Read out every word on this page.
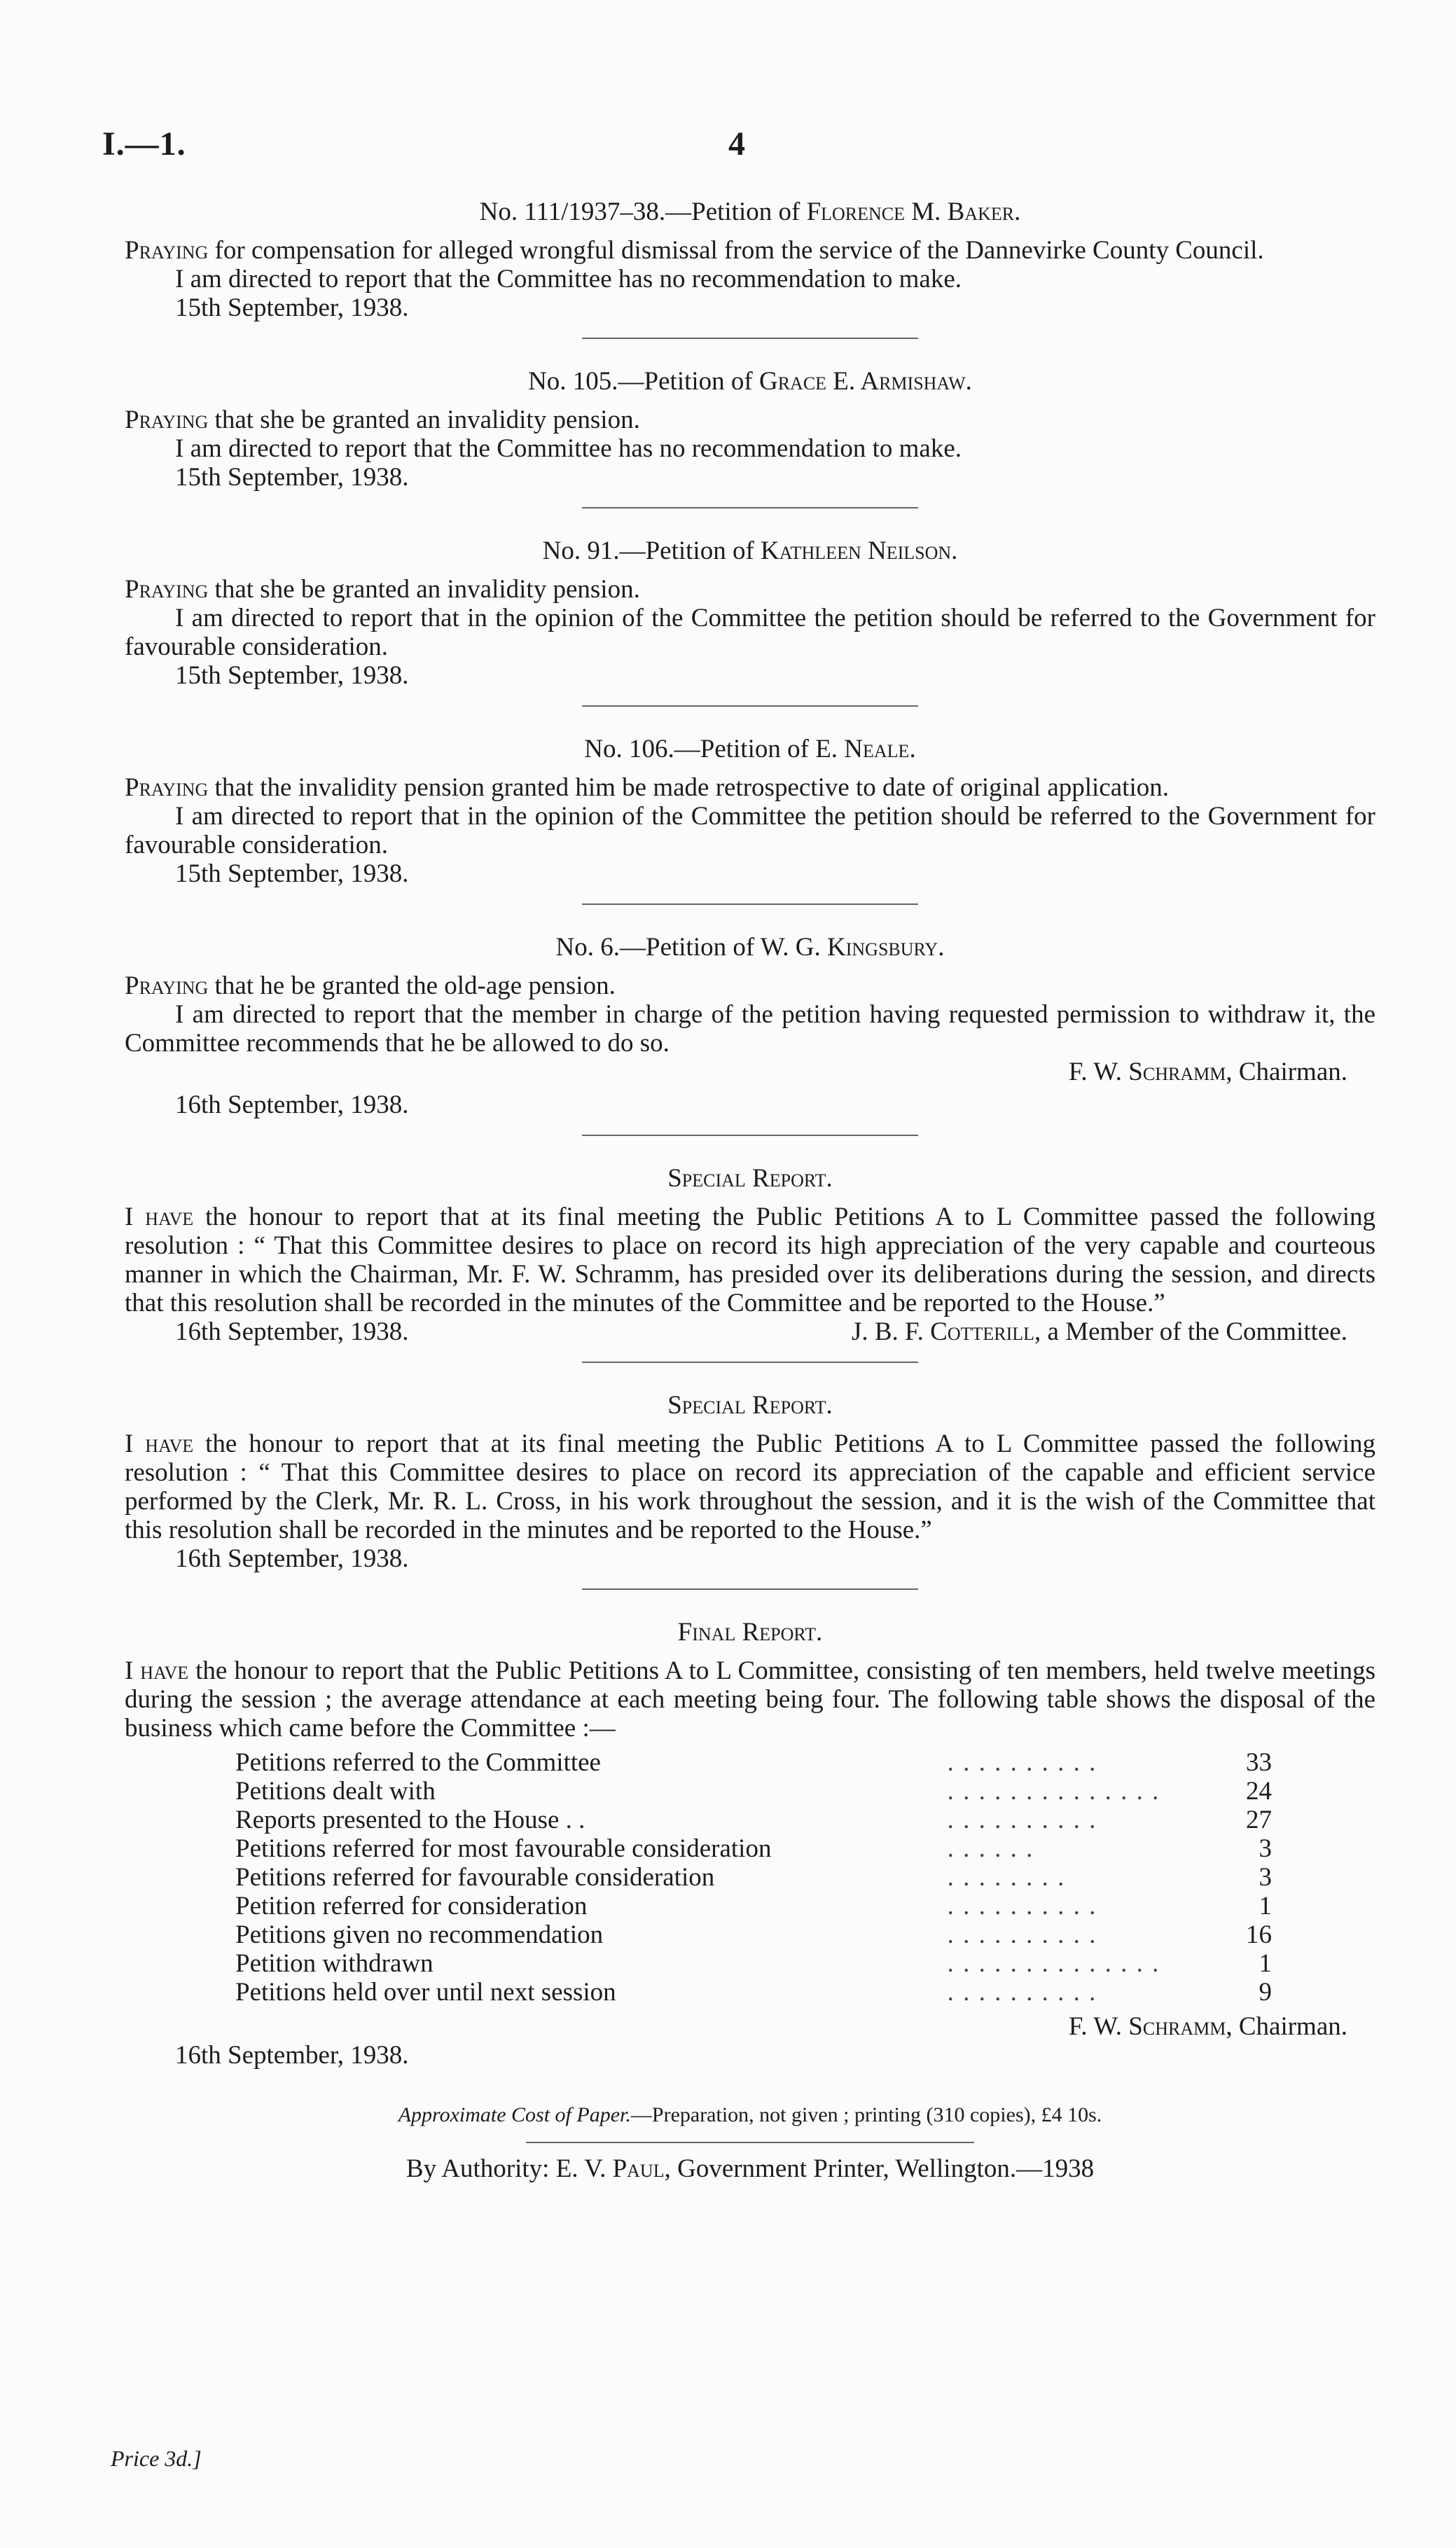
I.—1.	4

No. 111/1937–38.—Petition of Florence M. Baker.

Praying for compensation for alleged wrongful dismissal from the service of the Dannevirke County Council.

I am directed to report that the Committee has no recommendation to make.

15th September, 1938.

No. 105.—Petition of Grace E. Armishaw.

Praying that she be granted an invalidity pension.

I am directed to report that the Committee has no recommendation to make.

15th September, 1938.

No. 91.—Petition of Kathleen Neilson.

Praying that she be granted an invalidity pension.

I am directed to report that in the opinion of the Committee the petition should be referred to the Government for favourable consideration.

15th September, 1938.

No. 106.—Petition of E. Neale.

Praying that the invalidity pension granted him be made retrospective to date of original application.

I am directed to report that in the opinion of the Committee the petition should be referred to the Government for favourable consideration.

15th September, 1938.

No. 6.—Petition of W. G. Kingsbury.

Praying that he be granted the old-age pension.

I am directed to report that the member in charge of the petition having requested permission to withdraw it, the Committee recommends that he be allowed to do so.

F. W. Schramm, Chairman.

16th September, 1938.

Special Report.

I have the honour to report that at its final meeting the Public Petitions A to L Committee passed the following resolution : “ That this Committee desires to place on record its high appreciation of the very capable and courteous manner in which the Chairman, Mr. F. W. Schramm, has presided over its deliberations during the session, and directs that this resolution shall be recorded in the minutes of the Committee and be reported to the House.”

16th September, 1938.	J. B. F. Cotterill, a Member of the Committee.

Special Report.

I have the honour to report that at its final meeting the Public Petitions A to L Committee passed the following resolution : “ That this Committee desires to place on record its appreciation of the capable and efficient service performed by the Clerk, Mr. R. L. Cross, in his work throughout the session, and it is the wish of the Committee that this resolution shall be recorded in the minutes and be reported to the House.”

16th September, 1938.

Final Report.

I have the honour to report that the Public Petitions A to L Committee, consisting of ten members, held twelve meetings during the session ; the average attendance at each meeting being four. The following table shows the disposal of the business which came before the Committee :—

Petitions referred to the Committee	. . . . . . . . . .	33
Petitions dealt with	. . . . . . . . . . . . . .	24
Reports presented to the House . .	. . . . . . . . . .	27
Petitions referred for most favourable consideration	. . . . . .	3
Petitions referred for favourable consideration	. . . . . . . .	3
Petition referred for consideration	. . . . . . . . . .	1
Petitions given no recommendation	. . . . . . . . . .	16
Petition withdrawn	. . . . . . . . . . . . . .	1
Petitions held over until next session	. . . . . . . . . .	9

F. W. Schramm, Chairman.

16th September, 1938.

Approximate Cost of Paper.—Preparation, not given ; printing (310 copies), £4 10s.

By Authority: E. V. Paul, Government Printer, Wellington.—1938

Price 3d.]
